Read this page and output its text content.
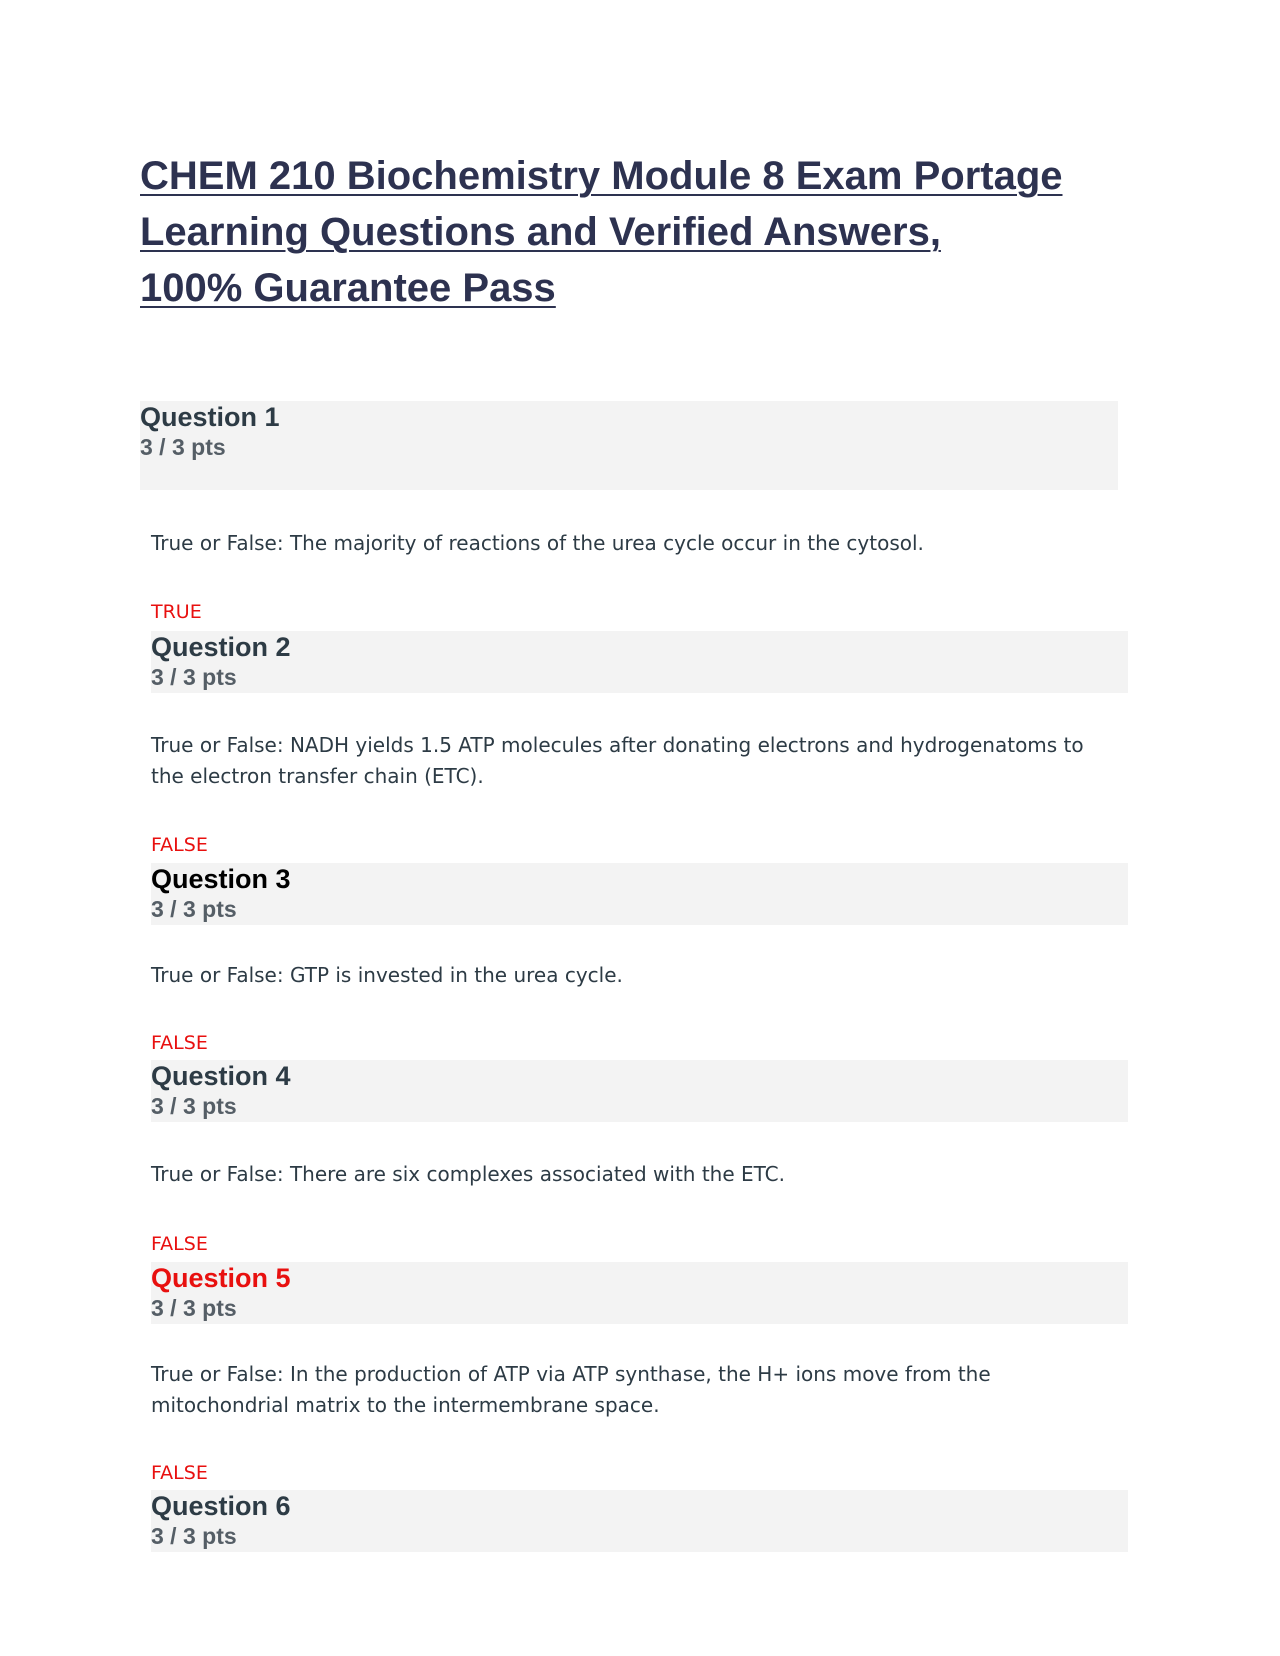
CHEM 210 Biochemistry Module 8 Exam Portage
Learning Questions and Verified Answers,
100% Guarantee Pass
Question 1
3 / 3 pts
True or False: The majority of reactions of the urea cycle occur in the cytosol.
TRUE
Question 2
3 / 3 pts
True or False: NADH yields 1.5 ATP molecules after donating electrons and hydrogenatoms to the electron transfer chain (ETC).
FALSE
Question 3
3 / 3 pts
True or False: GTP is invested in the urea cycle.
FALSE
Question 4
3 / 3 pts
True or False: There are six complexes associated with the ETC.
FALSE
Question 5
3 / 3 pts
True or False: In the production of ATP via ATP synthase, the H+ ions move from the mitochondrial matrix to the intermembrane space.
FALSE
Question 6
3 / 3 pts
